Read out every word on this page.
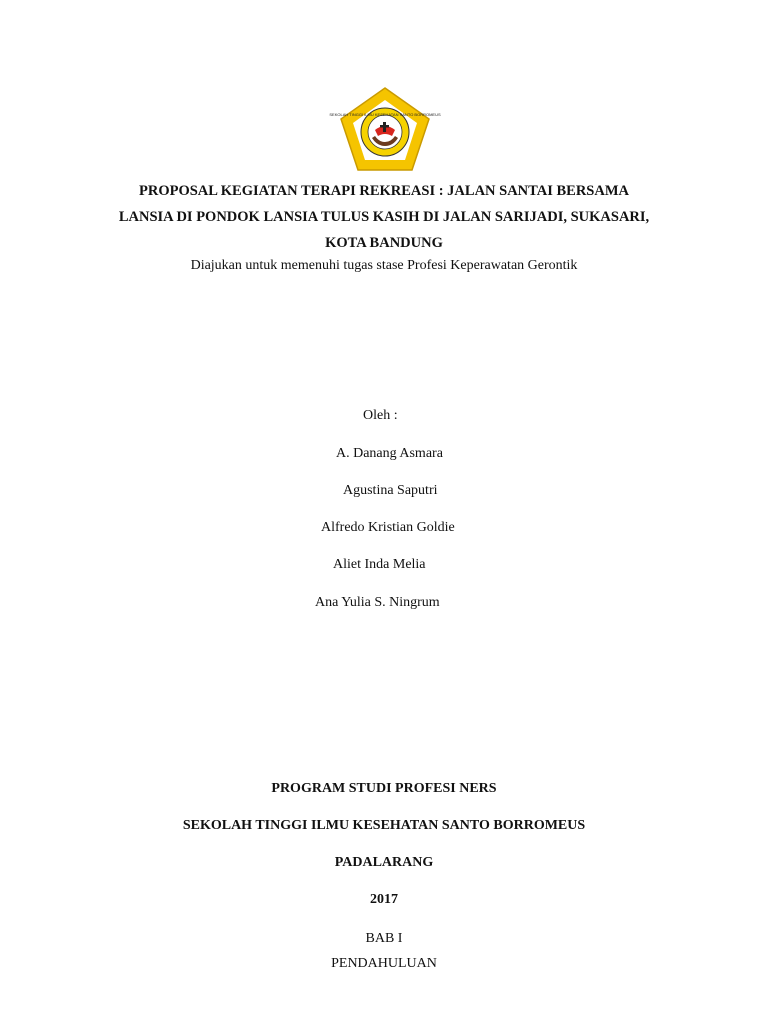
SEKOLAH TINGGI ILMU KESEHATAN SANTO BORROMEUS
PROPOSAL KEGIATAN TERAPI REKREASI : JALAN SANTAI BERSAMA
LANSIA DI PONDOK LANSIA TULUS KASIH DI JALAN SARIJADI, SUKASARI,
KOTA BANDUNG
Diajukan untuk memenuhi tugas stase Profesi Keperawatan Gerontik
Oleh :
A. Danang Asmara
Agustina Saputri
Alfredo Kristian Goldie
Aliet Inda Melia
Ana Yulia S. Ningrum
PROGRAM STUDI PROFESI NERS
SEKOLAH TINGGI ILMU KESEHATAN SANTO BORROMEUS
PADALARANG
2017
BAB I
PENDAHULUAN
